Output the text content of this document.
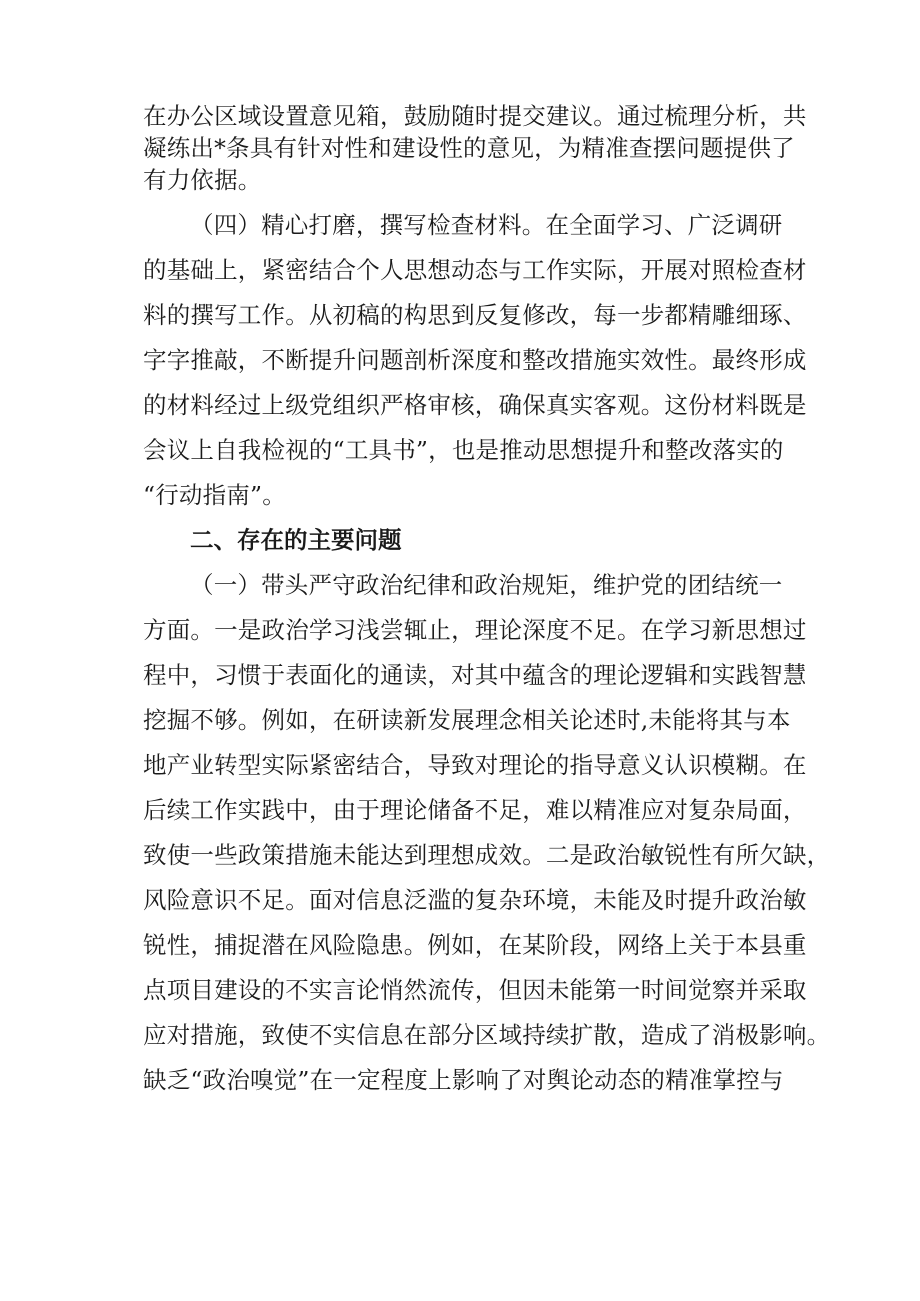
在办公区域设置意见箱，鼓励随时提交建议。通过梳理分析，共
凝练出*条具有针对性和建设性的意见，为精准查摆问题提供了
有力依据。
（四）精心打磨，撰写检查材料。在全面学习、广泛调研
的基础上，紧密结合个人思想动态与工作实际，开展对照检查材
料的撰写工作。从初稿的构思到反复修改，每一步都精雕细琢、
字字推敲，不断提升问题剖析深度和整改措施实效性。最终形成
的材料经过上级党组织严格审核，确保真实客观。这份材料既是
会议上自我检视的“工具书”，也是推动思想提升和整改落实的
“行动指南”。
二、存在的主要问题
（一）带头严守政治纪律和政治规矩，维护党的团结统一
方面。一是政治学习浅尝辄止，理论深度不足。在学习新思想过
程中，习惯于表面化的通读，对其中蕴含的理论逻辑和实践智慧
挖掘不够。例如，在研读新发展理念相关论述时,未能将其与本
地产业转型实际紧密结合，导致对理论的指导意义认识模糊。在
后续工作实践中，由于理论储备不足，难以精准应对复杂局面，
致使一些政策措施未能达到理想成效。二是政治敏锐性有所欠缺，
风险意识不足。面对信息泛滥的复杂环境，未能及时提升政治敏
锐性，捕捉潜在风险隐患。例如，在某阶段，网络上关于本县重
点项目建设的不实言论悄然流传，但因未能第一时间觉察并采取
应对措施，致使不实信息在部分区域持续扩散，造成了消极影响。
缺乏“政治嗅觉”在一定程度上影响了对舆论动态的精准掌控与
